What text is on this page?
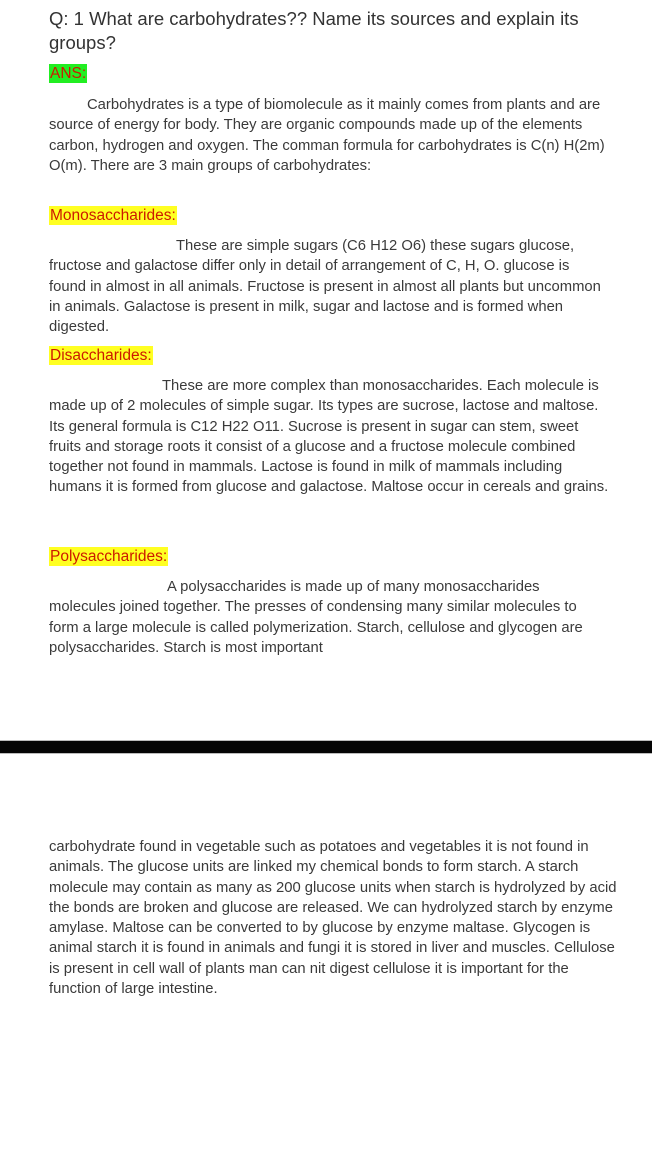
Q: 1 What are carbohydrates?? Name its sources and explain its groups?
ANS:

Carbohydrates is a type of biomolecule as it mainly comes from plants and are source of energy for body. They are organic compounds made up of the elements carbon, hydrogen and oxygen. The comman formula for carbohydrates is C(n) H(2m) O(m). There are 3 main groups of carbohydrates:

Monosaccharides:

These are simple sugars (C6 H12 O6) these sugars glucose, fructose and galactose differ only in detail of arrangement of C, H, O. glucose is found in almost in all animals. Fructose is present in almost all plants but uncommon in animals. Galactose is present in milk, sugar and lactose and is formed when digested.

Disaccharides:

These are more complex than monosaccharides. Each molecule is made up of 2 molecules of simple sugar. Its types are sucrose, lactose and maltose. Its general formula is C12 H22 O11. Sucrose is present in sugar can stem, sweet fruits and storage roots it consist of a glucose and a fructose molecule combined together not found in mammals. Lactose is found in milk of mammals including humans it is formed from glucose and galactose. Maltose occur in cereals and grains.

Polysaccharides:

A polysaccharides is made up of many monosaccharides molecules joined together. The presses of condensing many similar molecules to form a large molecule is called polymerization. Starch, cellulose and glycogen are polysaccharides. Starch is most important

carbohydrate found in vegetable such as potatoes and vegetables it is not found in animals. The glucose units are linked my chemical bonds to form starch. A starch molecule may contain as many as 200 glucose units when starch is hydrolyzed by acid the bonds are broken and glucose are released. We can hydrolyzed starch by enzyme amylase. Maltose can be converted to by glucose by enzyme maltase. Glycogen is animal starch it is found in animals and fungi it is stored in liver and muscles. Cellulose is present in cell wall of plants man can nit digest cellulose it is important for the function of large intestine.
